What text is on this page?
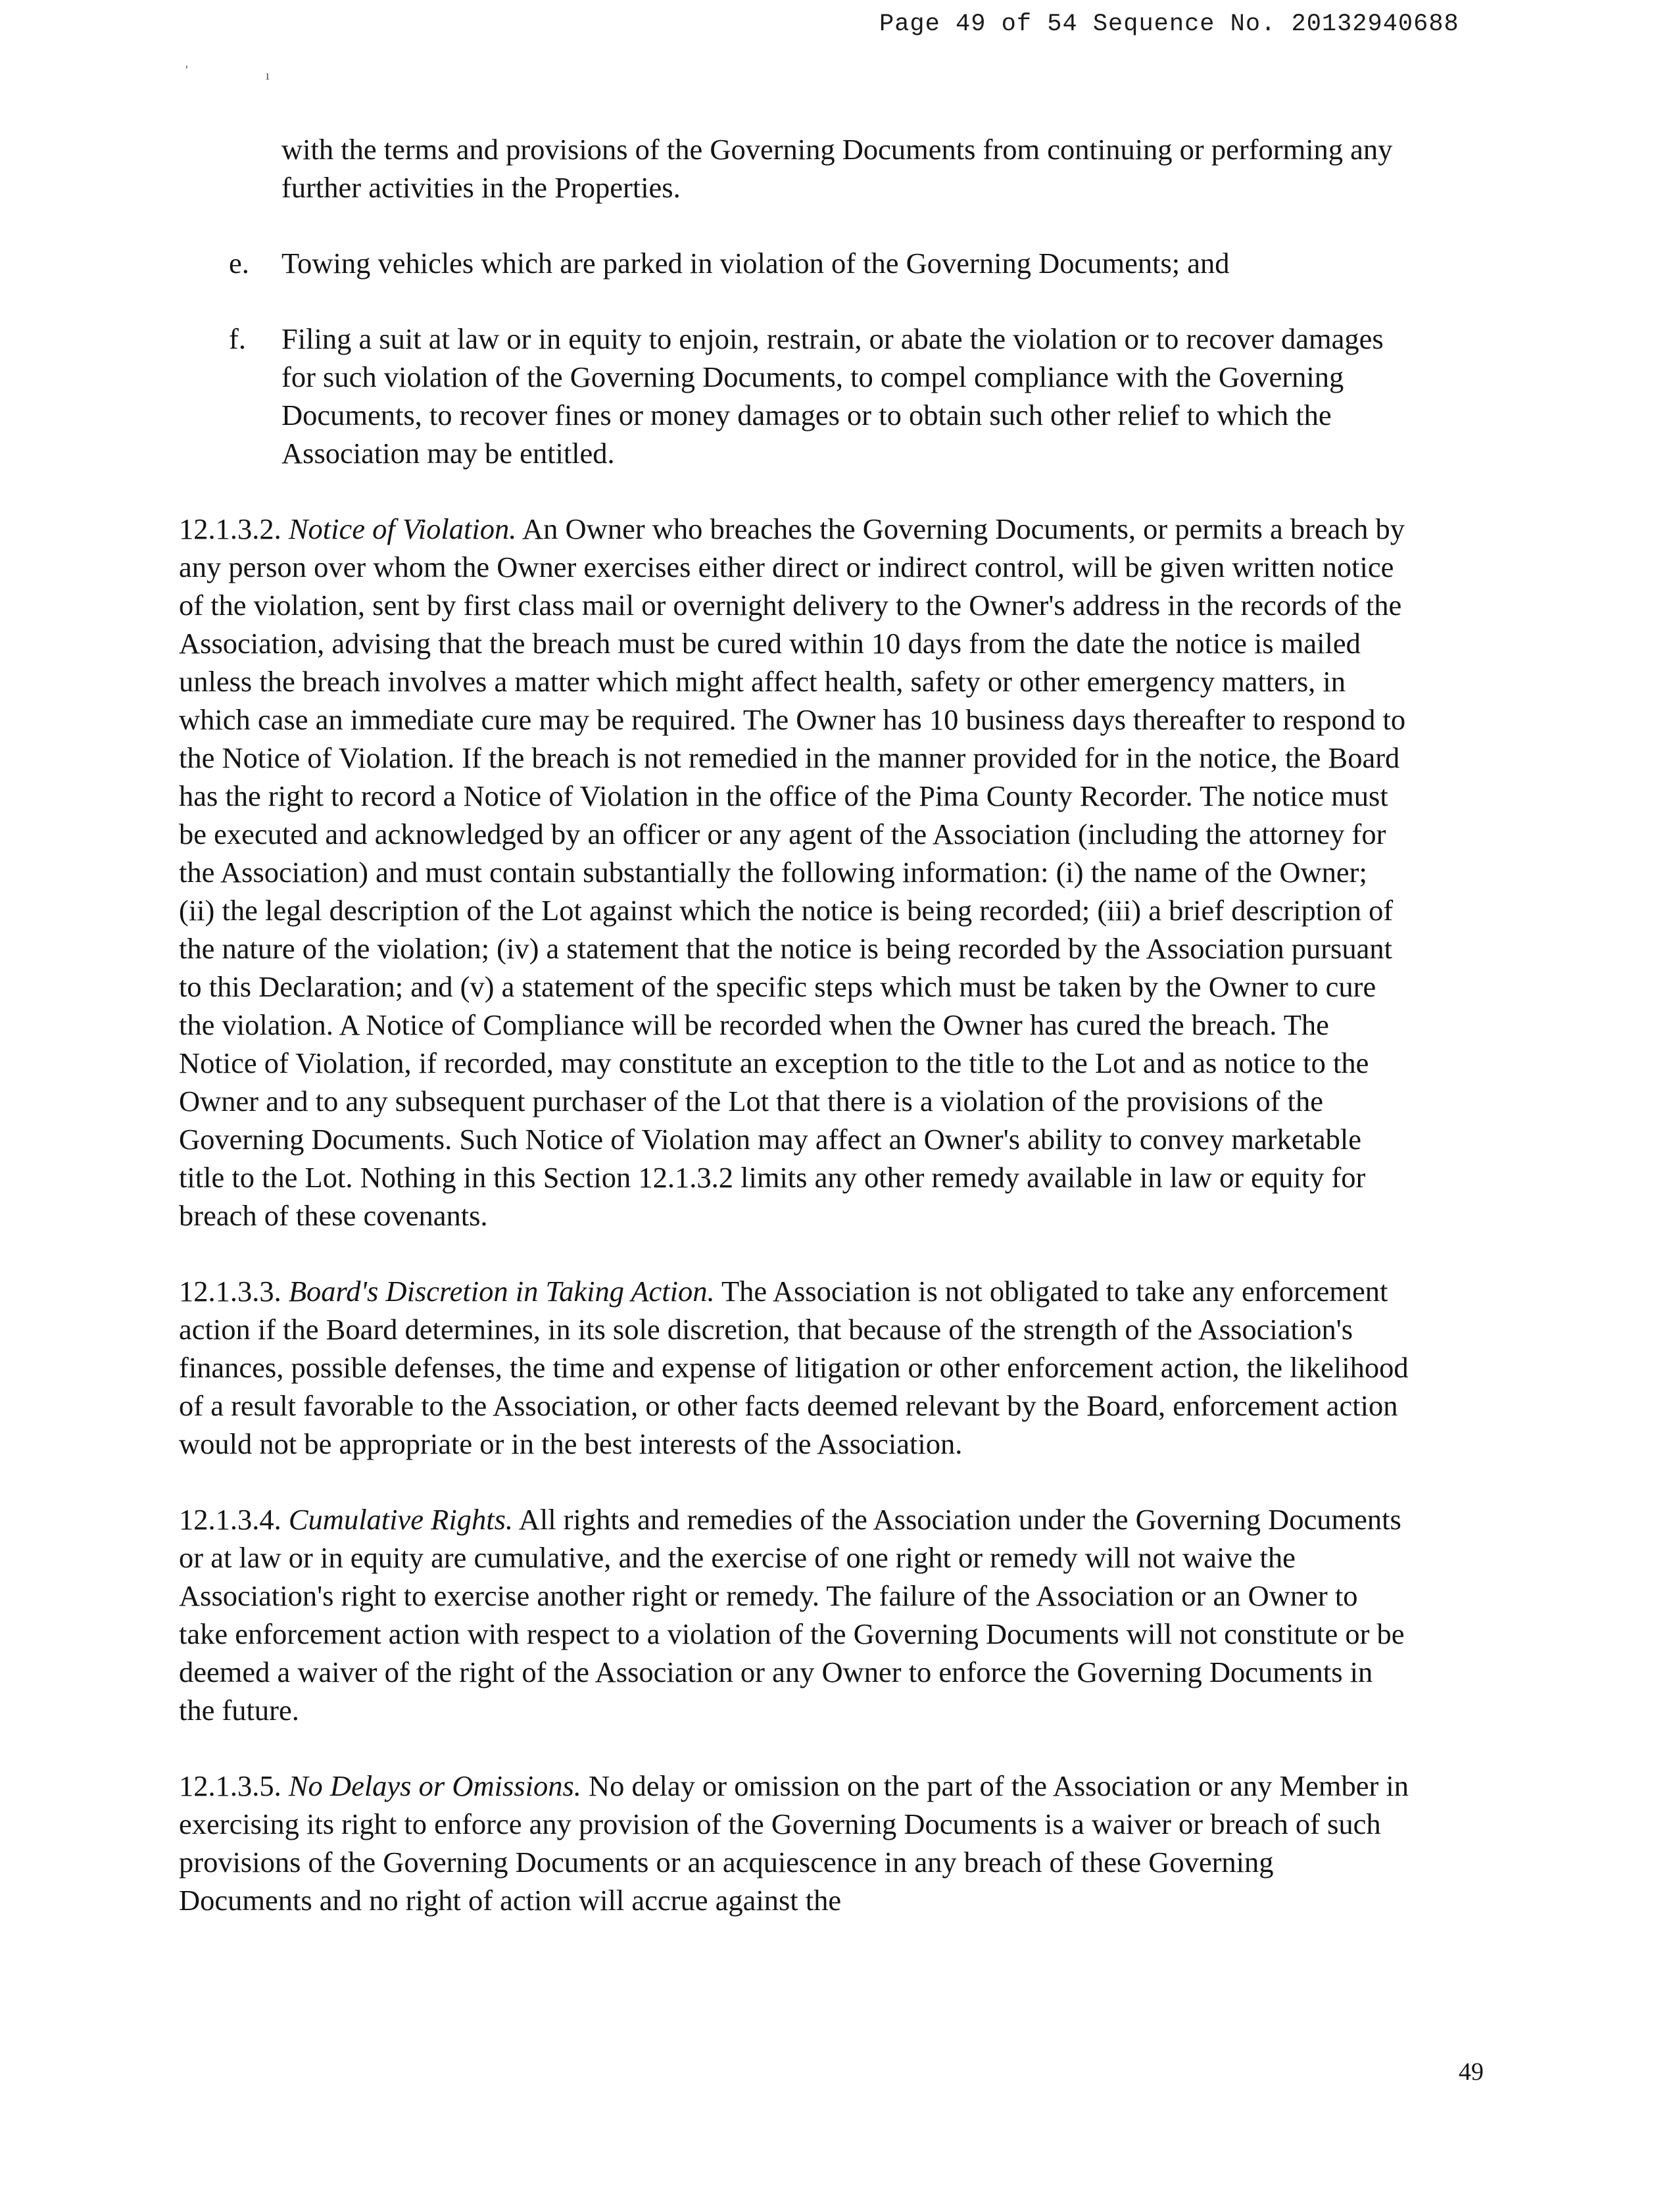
Page 49 of 54 Sequence No. 20132940688
'	ı

with the terms and provisions of the Governing Documents from continuing or performing any further activities in the Properties.

e.	Towing vehicles which are parked in violation of the Governing Documents; and
f.	Filing a suit at law or in equity to enjoin, restrain, or abate the violation or to recover damages for such violation of the Governing Documents, to compel compliance with the Governing Documents, to recover fines or money damages or to obtain such other relief to which the Association may be entitled.

12.1.3.2. Notice of Violation. An Owner who breaches the Governing Documents, or permits a breach by any person over whom the Owner exercises either direct or indirect control, will be given written notice of the violation, sent by first class mail or overnight delivery to the Owner's address in the records of the Association, advising that the breach must be cured within 10 days from the date the notice is mailed unless the breach involves a matter which might affect health, safety or other emergency matters, in which case an immediate cure may be required. The Owner has 10 business days thereafter to respond to the Notice of Violation. If the breach is not remedied in the manner provided for in the notice, the Board has the right to record a Notice of Violation in the office of the Pima County Recorder. The notice must be executed and acknowledged by an officer or any agent of the Association (including the attorney for the Association) and must contain substantially the following information: (i) the name of the Owner; (ii) the legal description of the Lot against which the notice is being recorded; (iii) a brief description of the nature of the violation; (iv) a statement that the notice is being recorded by the Association pursuant to this Declaration; and (v) a statement of the specific steps which must be taken by the Owner to cure the violation. A Notice of Compliance will be recorded when the Owner has cured the breach. The Notice of Violation, if recorded, may constitute an exception to the title to the Lot and as notice to the Owner and to any subsequent purchaser of the Lot that there is a violation of the provisions of the Governing Documents. Such Notice of Violation may affect an Owner's ability to convey marketable title to the Lot. Nothing in this Section 12.1.3.2 limits any other remedy available in law or equity for breach of these covenants.

12.1.3.3. Board's Discretion in Taking Action. The Association is not obligated to take any enforcement action if the Board determines, in its sole discretion, that because of the strength of the Association's finances, possible defenses, the time and expense of litigation or other enforcement action, the likelihood of a result favorable to the Association, or other facts deemed relevant by the Board, enforcement action would not be appropriate or in the best interests of the Association.

12.1.3.4. Cumulative Rights. All rights and remedies of the Association under the Governing Documents or at law or in equity are cumulative, and the exercise of one right or remedy will not waive the Association's right to exercise another right or remedy. The failure of the Association or an Owner to take enforcement action with respect to a violation of the Governing Documents will not constitute or be deemed a waiver of the right of the Association or any Owner to enforce the Governing Documents in the future.

12.1.3.5. No Delays or Omissions. No delay or omission on the part of the Association or any Member in exercising its right to enforce any provision of the Governing Documents is a waiver or breach of such provisions of the Governing Documents or an acquiescence in any breach of these Governing Documents and no right of action will accrue against the

49
